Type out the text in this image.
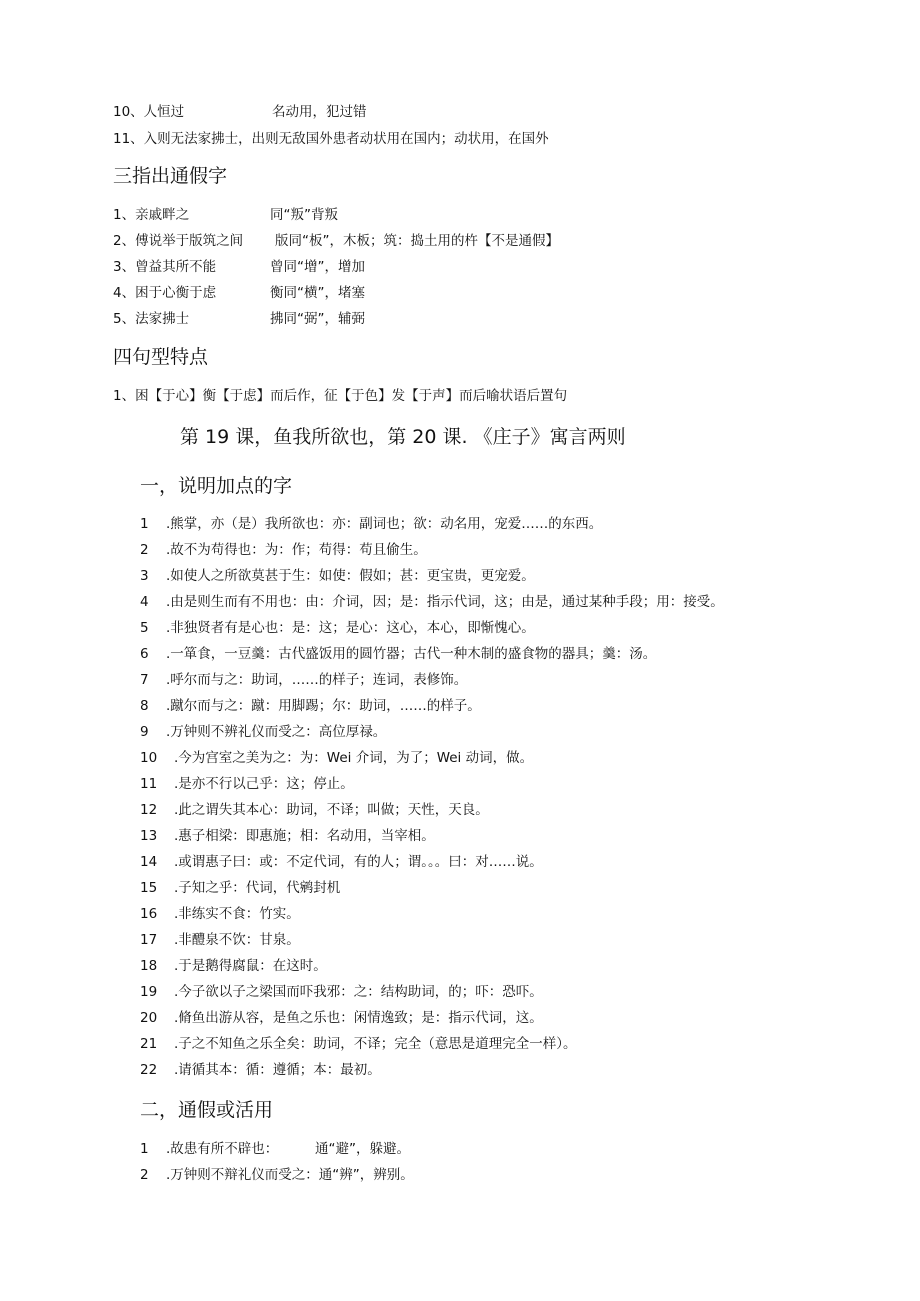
10、人恒过	名动用，犯过错
11、入则无法家拂士，出则无敌国外患者动状用在国内；动状用，在国外
三指出通假字
1、亲戚畔之	同“叛”背叛
2、傅说举于版筑之间 版同“板”，木板；筑：捣土用的杵【不是通假】
3、曾益其所不能	曾同“增”，增加
4、困于心衡于虑	衡同“横”，堵塞
5、法家拂士	拂同“弼”，辅弼
四句型特点
1、困【于心】衡【于虑】而后作，征【于色】发【于声】而后喻状语后置句
第 19 课，鱼我所欲也，第 20 课. 《庄子》寓言两则
一，说明加点的字
1 .熊掌，亦（是）我所欲也：亦：副词也；欲：动名用，宠爱……的东西。
2 .故不为苟得也：为：作；苟得：苟且偷生。
3 .如使人之所欲莫甚于生：如使：假如；甚：更宝贵，更宠爱。
4 .由是则生而有不用也：由：介词，因；是：指示代词，这；由是，通过某种手段；用：接受。
5 .非独贤者有是心也：是：这；是心：这心，本心，即惭愧心。
6 .一箪食，一豆羹：古代盛饭用的圆竹器；古代一种木制的盛食物的器具；羹：汤。
7 .呼尔而与之：助词，……的样子；连词，表修饰。
8 .蹴尔而与之：蹴：用脚踢；尔：助词，……的样子。
9 .万钟则不辨礼仪而受之：高位厚禄。
10 .今为宫室之美为之：为：Wei 介词，为了；Wei 动词，做。
11 .是亦不行以己乎：这；停止。
12 .此之谓失其本心：助词，不译；叫做；天性，天良。
13 .惠子相梁：即惠施；相：名动用，当宰相。
14 .或谓惠子曰：或：不定代词，有的人；谓。。。曰：对……说。
15 .子知之乎：代词，代鹓封机
16 .非练实不食：竹实。
17 .非醴泉不饮：甘泉。
18 .于是鹅得腐鼠：在这时。
19 .今子欲以子之梁国而吓我邪：之：结构助词，的；吓：恐吓。
20 .脩鱼出游从容，是鱼之乐也：闲情逸致；是：指示代词，这。
21 .子之不知鱼之乐全矣：助词，不译；完全（意思是道理完全一样）。
22 .请循其本：循：遵循；本：最初。
二，通假或活用
1 .故患有所不辟也：	通“避”，躲避。
2 .万钟则不辩礼仪而受之：通“辨”，辨别。
